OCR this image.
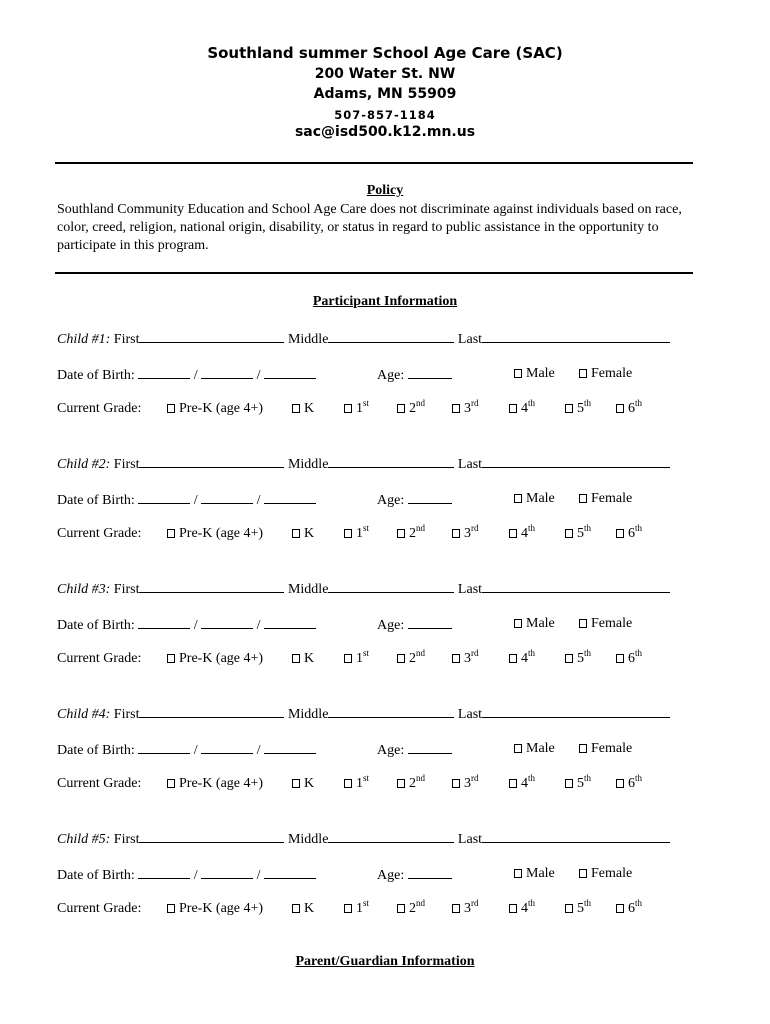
Southland summer School Age Care (SAC)
200 Water St. NW
Adams, MN 55909
507-857-1184
sac@isd500.k12.mn.us
Policy
Southland Community Education and School Age Care does not discriminate against individuals based on race, color, creed, religion, national origin, disability, or status in regard to public assistance in the opportunity to participate in this program.
Participant Information
Child #1: First	Middle	Last
Date of Birth:	/	/	Age:	Male	Female
Current Grade:	Pre-K (age 4+)	K	1st	2nd	3rd	4th	5th	6th
Child #2: First	Middle	Last
Date of Birth:	/	/	Age:	Male	Female
Current Grade:	Pre-K (age 4+)	K	1st	2nd	3rd	4th	5th	6th
Child #3: First	Middle	Last
Date of Birth:	/	/	Age:	Male	Female
Current Grade:	Pre-K (age 4+)	K	1st	2nd	3rd	4th	5th	6th
Child #4: First	Middle	Last
Date of Birth:	/	/	Age:	Male	Female
Current Grade:	Pre-K (age 4+)	K	1st	2nd	3rd	4th	5th	6th
Child #5: First	Middle	Last
Date of Birth:	/	/	Age:	Male	Female
Current Grade:	Pre-K (age 4+)	K	1st	2nd	3rd	4th	5th	6th
Parent/Guardian Information
